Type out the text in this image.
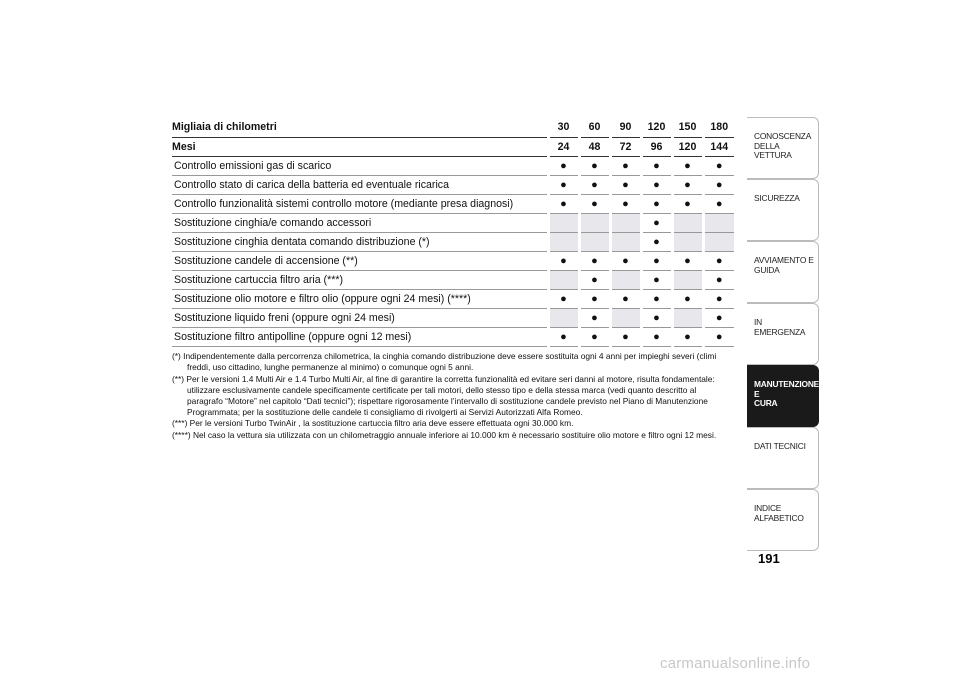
Migliaia di chilometri	30	60	90	120	150	180
Mesi	24	48	72	96	120	144
Controllo emissioni gas di scarico	●	●	●	●	●	●
Controllo stato di carica della batteria ed eventuale ricarica	●	●	●	●	●	●
Controllo funzionalità sistemi controllo motore (mediante presa diagnosi)	●	●	●	●	●	●
Sostituzione cinghia/e comando accessori				●		
Sostituzione cinghia dentata comando distribuzione (*)				●		
Sostituzione candele di accensione (**)	●	●	●	●	●	●
Sostituzione cartuccia filtro aria (***)		●		●		●
Sostituzione olio motore e filtro olio (oppure ogni 24 mesi) (****)	●	●	●	●	●	●
Sostituzione liquido freni (oppure ogni 24 mesi)		●		●		●
Sostituzione filtro antipolline (oppure ogni 12 mesi)	●	●	●	●	●	●
(*) Indipendentemente dalla percorrenza chilometrica, la cinghia comando distribuzione deve essere sostituita ogni 4 anni per impieghi severi (climi freddi, uso cittadino, lunghe permanenze al minimo) o comunque ogni 5 anni.
(**) Per le versioni 1.4 Multi Air e 1.4 Turbo Multi Air, al fine di garantire la corretta funzionalità ed evitare seri danni al motore, risulta fondamentale: utilizzare esclusivamente candele specificamente certificate per tali motori, dello stesso tipo e della stessa marca (vedi quanto descritto al paragrafo “Motore” nel capitolo “Dati tecnici”); rispettare rigorosamente l’intervallo di sostituzione candele previsto nel Piano di Manutenzione Programmata; per la sostituzione delle candele ti consigliamo di rivolgerti ai Servizi Autorizzati Alfa Romeo.
(***) Per le versioni Turbo TwinAir , la sostituzione cartuccia filtro aria deve essere effettuata ogni 30.000 km.
(****) Nel caso la vettura sia utilizzata con un chilometraggio annuale inferiore ai 10.000 km è necessario sostituire olio motore e filtro ogni 12 mesi.
CONOSCENZA
DELLA VETTURA
SICUREZZA
AVVIAMENTO E
GUIDA
IN EMERGENZA
MANUTENZIONE E
CURA
DATI TECNICI
INDICE ALFABETICO
191
carmanualsonline.info
